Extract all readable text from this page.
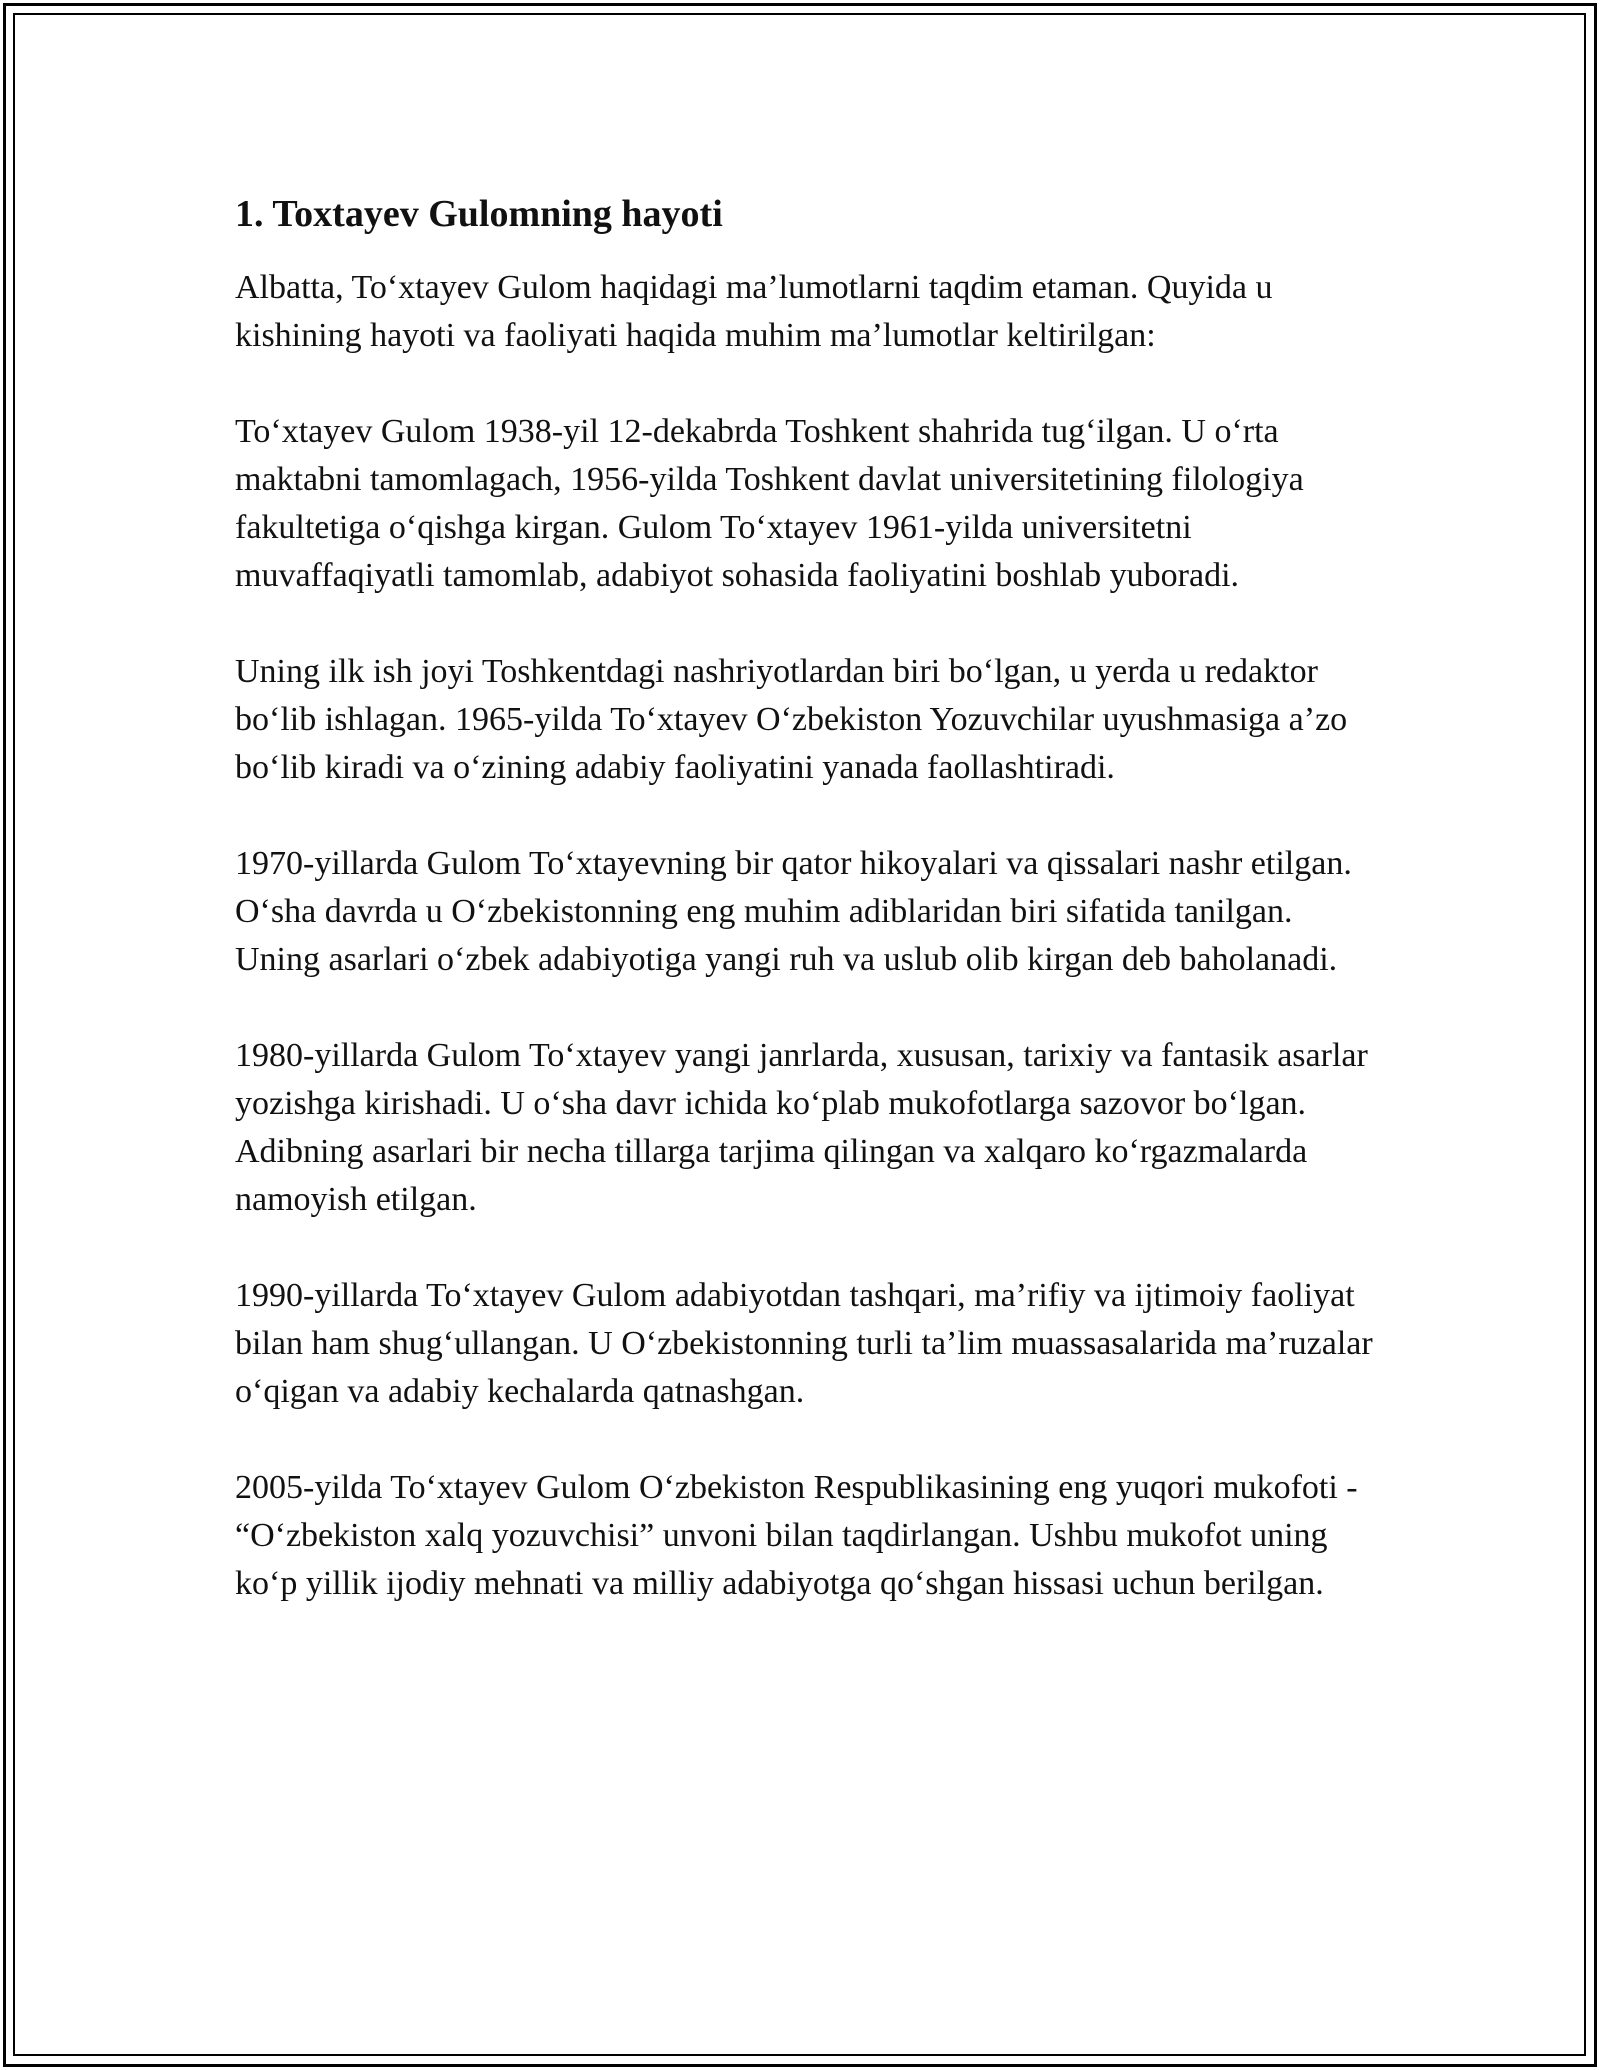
1. Toxtayev Gulomning hayoti

Albatta, To‘xtayev Gulom haqidagi ma’lumotlarni taqdim etaman. Quyida u kishining hayoti va faoliyati haqida muhim ma’lumotlar keltirilgan:

To‘xtayev Gulom 1938-yil 12-dekabrda Toshkent shahrida tug‘ilgan. U o‘rta maktabni tamomlagach, 1956-yilda Toshkent davlat universitetining filologiya fakultetiga o‘qishga kirgan. Gulom To‘xtayev 1961-yilda universitetni muvaffaqiyatli tamomlab, adabiyot sohasida faoliyatini boshlab yuboradi.

Uning ilk ish joyi Toshkentdagi nashriyotlardan biri bo‘lgan, u yerda u redaktor bo‘lib ishlagan. 1965-yilda To‘xtayev O‘zbekiston Yozuvchilar uyushmasiga a’zo bo‘lib kiradi va o‘zining adabiy faoliyatini yanada faollashtiradi.

1970-yillarda Gulom To‘xtayevning bir qator hikoyalari va qissalari nashr etilgan. O‘sha davrda u O‘zbekistonning eng muhim adiblaridan biri sifatida tanilgan. Uning asarlari o‘zbek adabiyotiga yangi ruh va uslub olib kirgan deb baholanadi.

1980-yillarda Gulom To‘xtayev yangi janrlarda, xususan, tarixiy va fantasik asarlar yozishga kirishadi. U o‘sha davr ichida ko‘plab mukofotlarga sazovor bo‘lgan. Adibning asarlari bir necha tillarga tarjima qilingan va xalqaro ko‘rgazmalarda namoyish etilgan.

1990-yillarda To‘xtayev Gulom adabiyotdan tashqari, ma’rifiy va ijtimoiy faoliyat bilan ham shug‘ullangan. U O‘zbekistonning turli ta’lim muassasalarida ma’ruzalar o‘qigan va adabiy kechalarda qatnashgan.

2005-yilda To‘xtayev Gulom O‘zbekiston Respublikasining eng yuqori mukofoti - “O‘zbekiston xalq yozuvchisi” unvoni bilan taqdirlangan. Ushbu mukofot uning ko‘p yillik ijodiy mehnati va milliy adabiyotga qo‘shgan hissasi uchun berilgan.
